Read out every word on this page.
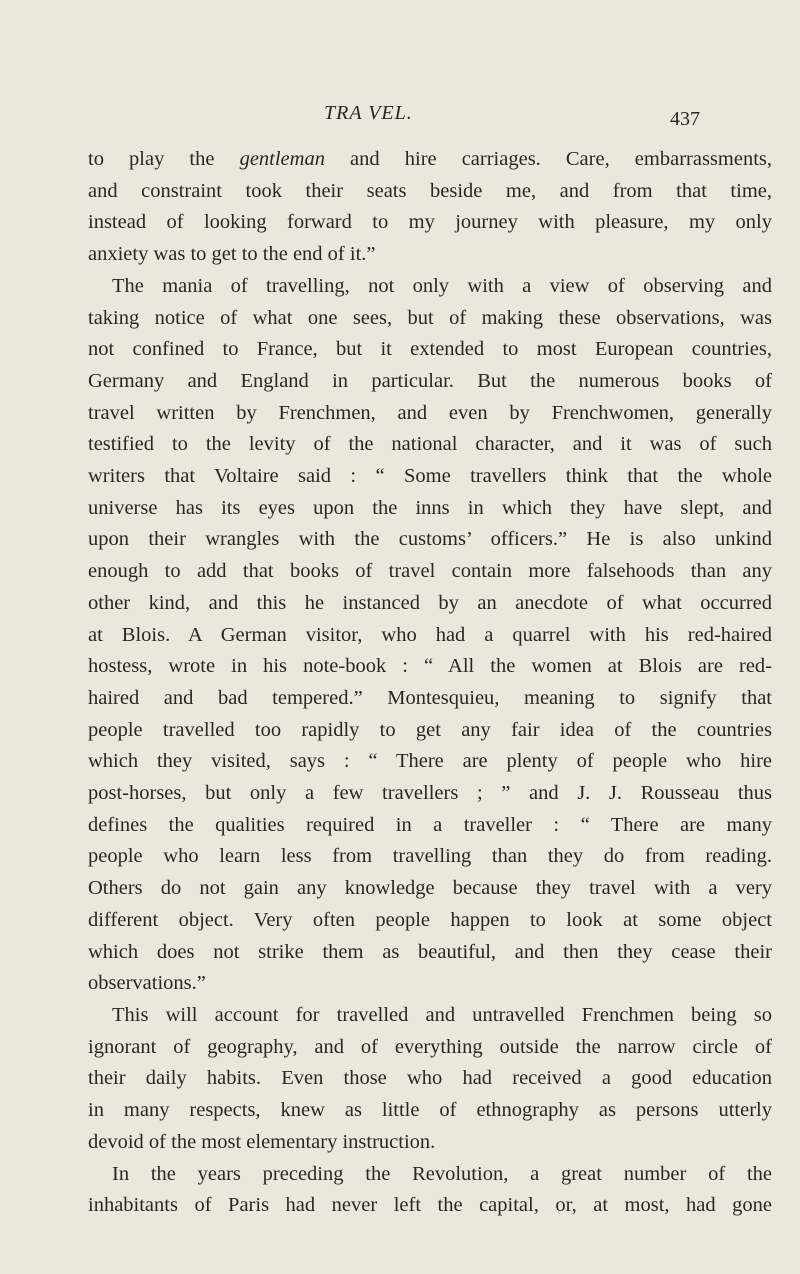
TRA VEL.	437
to play the gentleman and hire carriages. Care, embarrassments,
and constraint took their seats beside me, and from that time,
instead of looking forward to my journey with pleasure, my only
anxiety was to get to the end of it.”
The mania of travelling, not only with a view of observing and
taking notice of what one sees, but of making these observations, was
not confined to France, but it extended to most European countries,
Germany and England in particular. But the numerous books of
travel written by Frenchmen, and even by Frenchwomen, generally
testified to the levity of the national character, and it was of such
writers that Voltaire said : “ Some travellers think that the whole
universe has its eyes upon the inns in which they have slept, and
upon their wrangles with the customs’ officers.” He is also unkind
enough to add that books of travel contain more falsehoods than any
other kind, and this he instanced by an anecdote of what occurred
at Blois. A German visitor, who had a quarrel with his red-haired
hostess, wrote in his note-book : “ All the women at Blois are red-
haired and bad tempered.” Montesquieu, meaning to signify that
people travelled too rapidly to get any fair idea of the countries
which they visited, says : “ There are plenty of people who hire
post-horses, but only a few travellers ; ” and J. J. Rousseau thus
defines the qualities required in a traveller : “ There are many
people who learn less from travelling than they do from reading.
Others do not gain any knowledge because they travel with a very
different object. Very often people happen to look at some object
which does not strike them as beautiful, and then they cease their
observations.”
This will account for travelled and untravelled Frenchmen being so
ignorant of geography, and of everything outside the narrow circle of
their daily habits. Even those who had received a good education
in many respects, knew as little of ethnography as persons utterly
devoid of the most elementary instruction.
In the years preceding the Revolution, a great number of the
inhabitants of Paris had never left the capital, or, at most, had gone
